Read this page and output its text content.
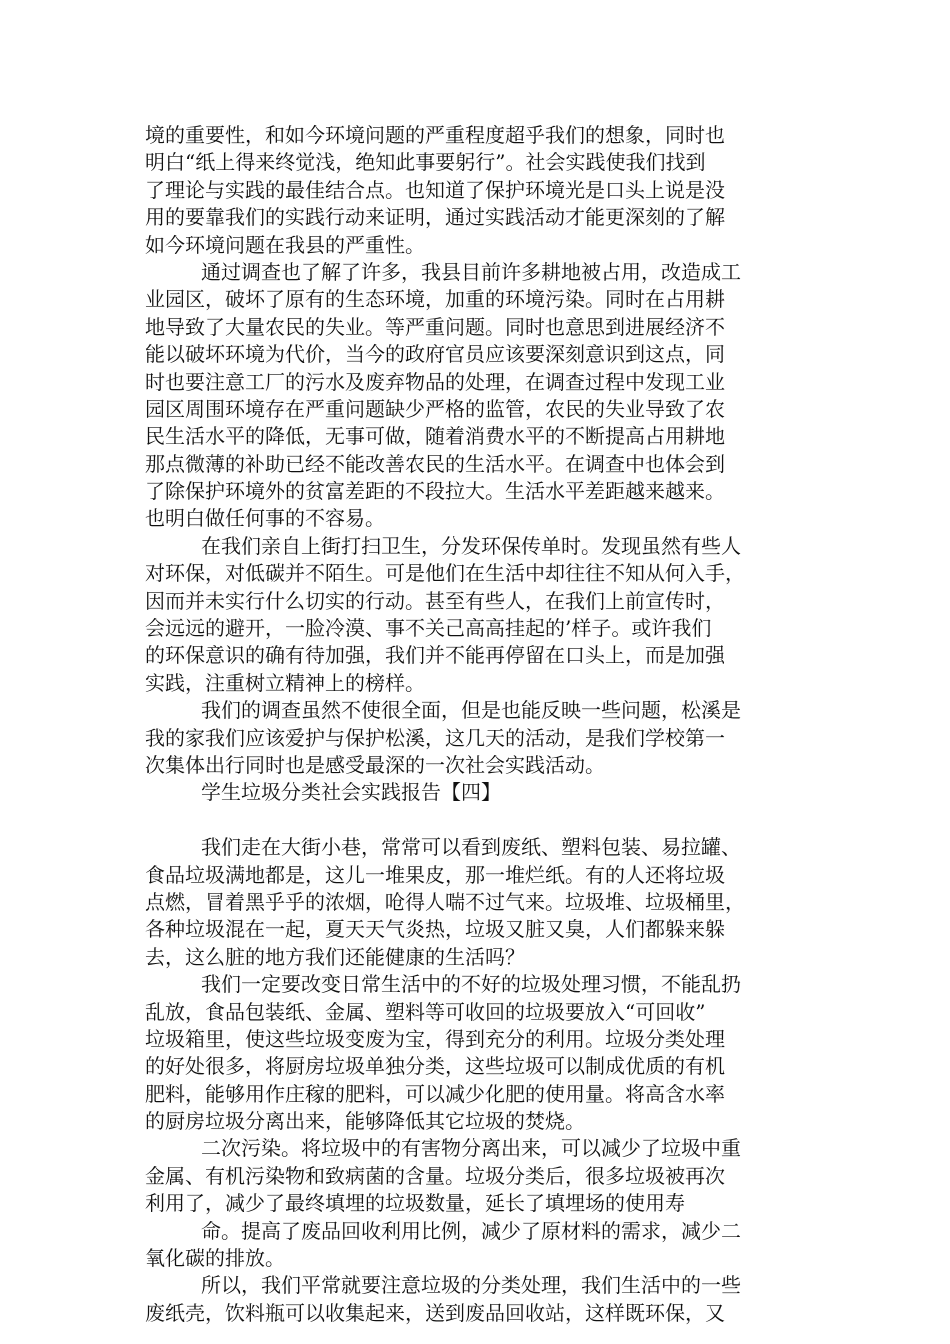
境的重要性，和如今环境问题的严重程度超乎我们的想象，同时也
明白“纸上得来终觉浅，绝知此事要躬行”。社会实践使我们找到
了理论与实践的最佳结合点。也知道了保护环境光是口头上说是没
用的要靠我们的实践行动来证明，通过实践活动才能更深刻的了解
如今环境问题在我县的严重性。
通过调查也了解了许多，我县目前许多耕地被占用，改造成工
业园区，破坏了原有的生态环境，加重的环境污染。同时在占用耕
地导致了大量农民的失业。等严重问题。同时也意思到进展经济不
能以破坏环境为代价，当今的政府官员应该要深刻意识到这点，同
时也要注意工厂的污水及废弃物品的处理，在调查过程中发现工业
园区周围环境存在严重问题缺少严格的监管，农民的失业导致了农
民生活水平的降低，无事可做，随着消费水平的不断提高占用耕地
那点微薄的补助已经不能改善农民的生活水平。在调查中也体会到
了除保护环境外的贫富差距的不段拉大。生活水平差距越来越来。
也明白做任何事的不容易。
在我们亲自上街打扫卫生，分发环保传单时。发现虽然有些人
对环保，对低碳并不陌生。可是他们在生活中却往往不知从何入手，
因而并未实行什么切实的行动。甚至有些人，在我们上前宣传时，
会远远的避开，一脸冷漠、事不关己高高挂起的’样子。或许我们
的环保意识的确有待加强，我们并不能再停留在口头上，而是加强
实践，注重树立精神上的榜样。
我们的调查虽然不使很全面，但是也能反映一些问题，松溪是
我的家我们应该爱护与保护松溪，这几天的活动，是我们学校第一
次集体出行同时也是感受最深的一次社会实践活动。
学生垃圾分类社会实践报告【四】
我们走在大街小巷，常常可以看到废纸、塑料包装、易拉罐、
食品垃圾满地都是，这儿一堆果皮，那一堆烂纸。有的人还将垃圾
点燃，冒着黑乎乎的浓烟，呛得人喘不过气来。垃圾堆、垃圾桶里，
各种垃圾混在一起，夏天天气炎热，垃圾又脏又臭，人们都躲来躲
去，这么脏的地方我们还能健康的生活吗？
我们一定要改变日常生活中的不好的垃圾处理习惯，不能乱扔
乱放，食品包装纸、金属、塑料等可收回的垃圾要放入“可回收”
垃圾箱里，使这些垃圾变废为宝，得到充分的利用。垃圾分类处理
的好处很多，将厨房垃圾单独分类，这些垃圾可以制成优质的有机
肥料，能够用作庄稼的肥料，可以减少化肥的使用量。将高含水率
的厨房垃圾分离出来，能够降低其它垃圾的焚烧。
二次污染。将垃圾中的有害物分离出来，可以减少了垃圾中重
金属、有机污染物和致病菌的含量。垃圾分类后，很多垃圾被再次
利用了，减少了最终填埋的垃圾数量，延长了填埋场的使用寿
命。提高了废品回收利用比例，减少了原材料的需求，减少二
氧化碳的排放。
所以，我们平常就要注意垃圾的分类处理，我们生活中的一些
废纸壳，饮料瓶可以收集起来，送到废品回收站，这样既环保，又
